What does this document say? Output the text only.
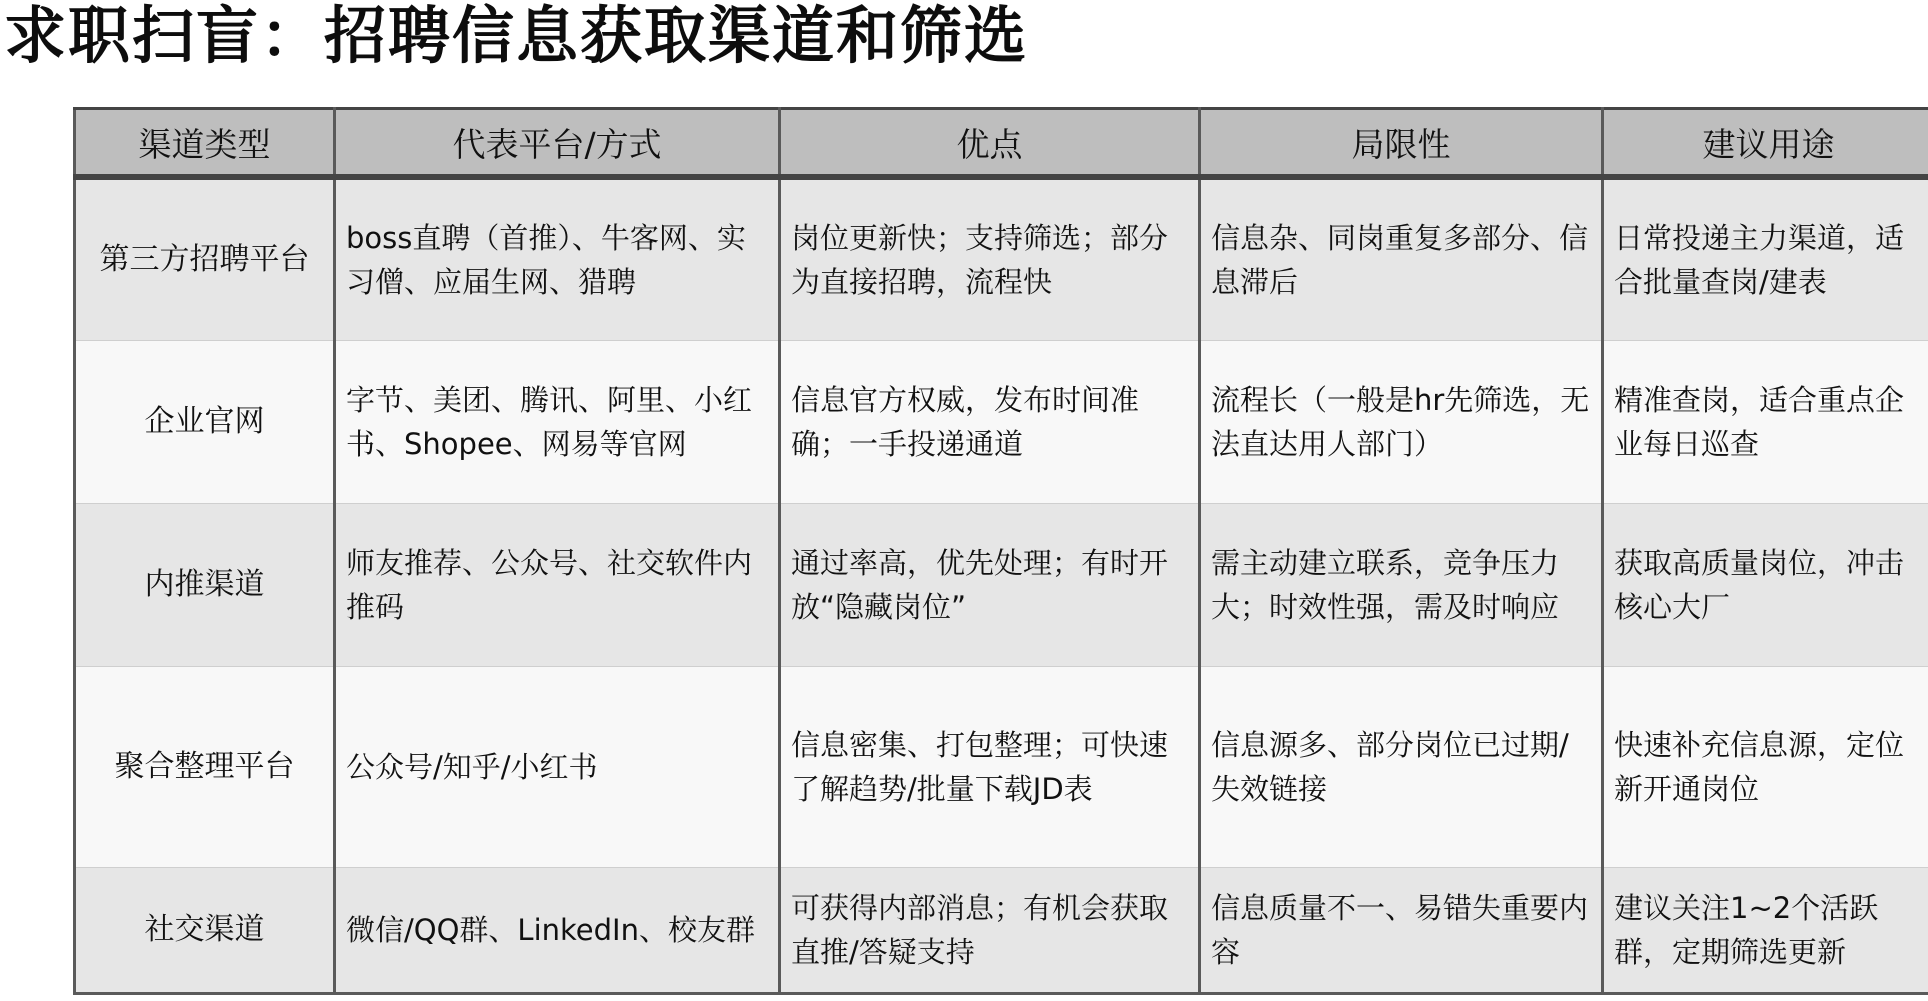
求职扫盲：招聘信息获取渠道和筛选
渠道类型	代表平台/方式	优点	局限性	建议用途
第三方招聘平台	boss直聘（首推）、牛客网、实习僧、应届生网、猎聘	岗位更新快；支持筛选；部分为直接招聘，流程快	信息杂、同岗重复多部分、信息滞后	日常投递主力渠道，适合批量查岗/建表
企业官网	字节、美团、腾讯、阿里、小红书、Shopee、网易等官网	信息官方权威，发布时间准确；一手投递通道	流程长（一般是hr先筛选，无法直达用人部门）	精准查岗，适合重点企业每日巡查
内推渠道	师友推荐、公众号、社交软件内推码	通过率高，优先处理；有时开放“隐藏岗位”	需主动建立联系，竞争压力大；时效性强，需及时响应	获取高质量岗位，冲击核心大厂
聚合整理平台	公众号/知乎/小红书	信息密集、打包整理；可快速了解趋势/批量下载JD表	信息源多、部分岗位已过期/失效链接	快速补充信息源，定位新开通岗位
社交渠道	微信/QQ群、LinkedIn、校友群	可获得内部消息；有机会获取直推/答疑支持	信息质量不一、易错失重要内容	建议关注1~2个活跃群，定期筛选更新
